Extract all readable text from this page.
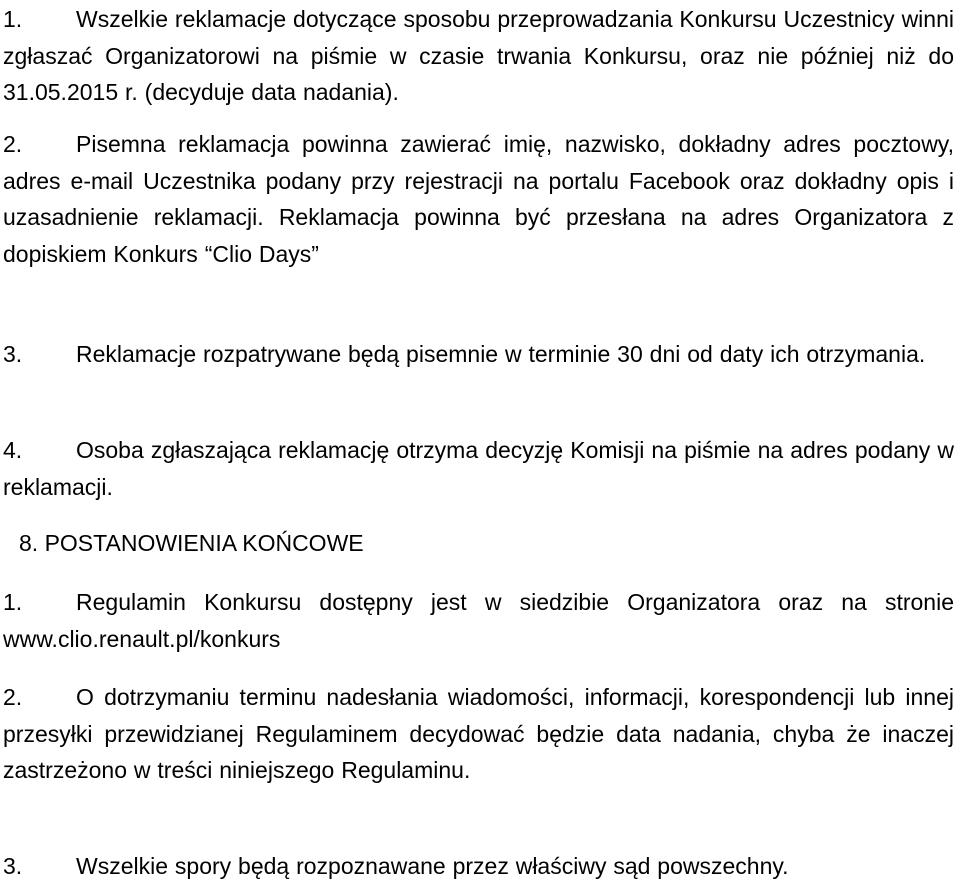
1. Wszelkie reklamacje dotyczące sposobu przeprowadzania Konkursu Uczestnicy winni zgłaszać Organizatorowi na piśmie w czasie trwania Konkursu, oraz nie później niż do 31.05.2015 r. (decyduje data nadania).
2. Pisemna reklamacja powinna zawierać imię, nazwisko, dokładny adres pocztowy, adres e-mail Uczestnika podany przy rejestracji na portalu Facebook oraz dokładny opis i uzasadnienie reklamacji. Reklamacja powinna być przesłana na adres Organizatora z dopiskiem Konkurs “Clio Days”
3. Reklamacje rozpatrywane będą pisemnie w terminie 30 dni od daty ich otrzymania.
4. Osoba zgłaszająca reklamację otrzyma decyzję Komisji na piśmie na adres podany w reklamacji.
8. POSTANOWIENIA KOŃCOWE
1. Regulamin Konkursu dostępny jest w siedzibie Organizatora oraz na stronie www.clio.renault.pl/konkurs
2. O dotrzymaniu terminu nadesłania wiadomości, informacji, korespondencji lub innej przesyłki przewidzianej Regulaminem decydować będzie data nadania, chyba że inaczej zastrzeżono w treści niniejszego Regulaminu.
3. Wszelkie spory będą rozpoznawane przez właściwy sąd powszechny.
